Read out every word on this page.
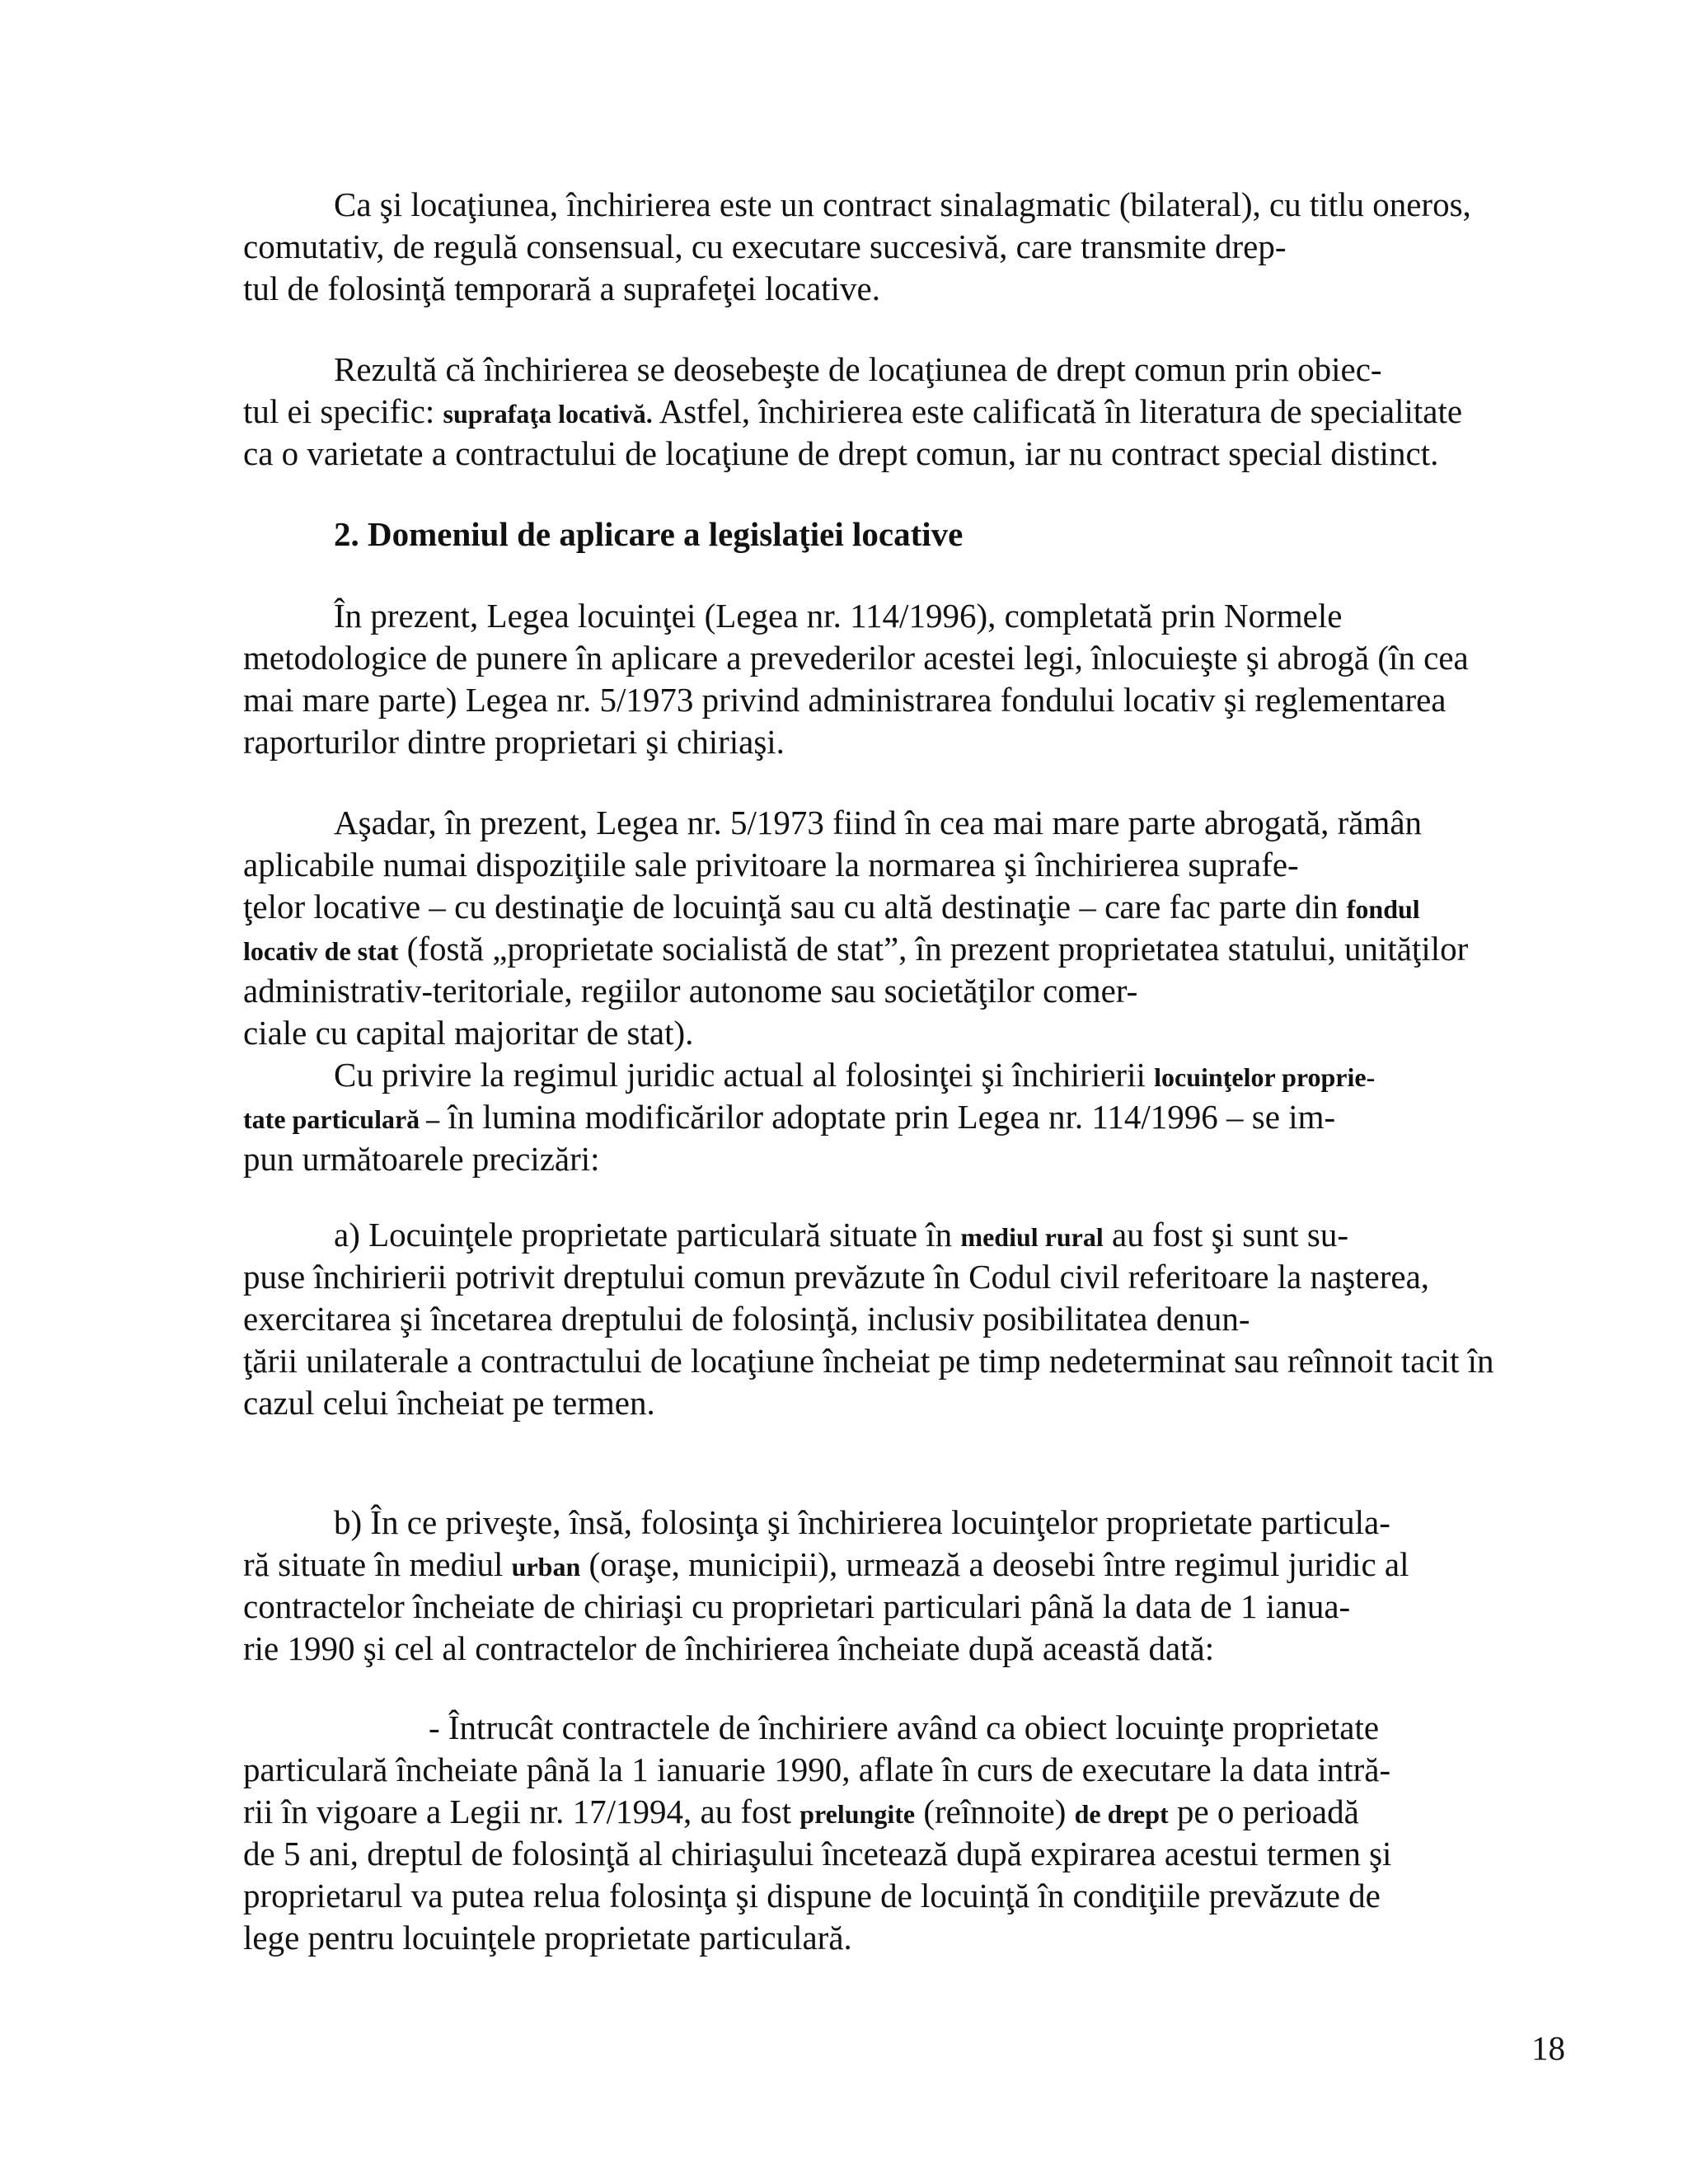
Ca şi locaţiunea, închirierea este un contract sinalagmatic (bilateral), cu titlu oneros,
comutativ, de regulă consensual, cu executare succesivă, care transmite drep-
tul de folosinţă temporară a suprafeţei locative.
Rezultă că închirierea se deosebeşte de locaţiunea de drept comun prin obiec-
tul ei specific: suprafaţa locativă. Astfel, închirierea este calificată în literatura de specialitate
ca o varietate a contractului de locaţiune de drept comun, iar nu contract special distinct.
2. Domeniul de aplicare a legislaţiei locative
În prezent, Legea locuinţei (Legea nr. 114/1996), completată prin Normele
metodologice de punere în aplicare a prevederilor acestei legi, înlocuieşte şi abrogă (în cea
mai mare parte) Legea nr. 5/1973 privind administrarea fondului locativ şi reglementarea
raporturilor dintre proprietari şi chiriaşi.
Aşadar, în prezent, Legea nr. 5/1973 fiind în cea mai mare parte abrogată, rămân
aplicabile numai dispoziţiile sale privitoare la normarea şi închirierea suprafe-
ţelor locative – cu destinaţie de locuinţă sau cu altă destinaţie – care fac parte din fondul
locativ de stat (fostă „proprietate socialistă de stat”, în prezent proprietatea statului, unităţilor
administrativ-teritoriale, regiilor autonome sau societăţilor comer-
ciale cu capital majoritar de stat).
Cu privire la regimul juridic actual al folosinţei şi închirierii locuinţelor proprie-
tate particulară – în lumina modificărilor adoptate prin Legea nr. 114/1996 – se im-
pun următoarele precizări:
a) Locuinţele proprietate particulară situate în mediul rural au fost şi sunt su-
puse închirierii potrivit dreptului comun prevăzute în Codul civil referitoare la naşterea,
exercitarea şi încetarea dreptului de folosinţă, inclusiv posibilitatea denun-
ţării unilaterale a contractului de locaţiune încheiat pe timp nedeterminat sau reînnoit tacit în
cazul celui încheiat pe termen.
b) În ce priveşte, însă, folosinţa şi închirierea locuinţelor proprietate particula-
ră situate în mediul urban (oraşe, municipii), urmează a deosebi între regimul juridic al
contractelor încheiate de chiriaşi cu proprietari particulari până la data de 1 ianua-
rie 1990 şi cel al contractelor de închirierea încheiate după această dată:
- Întrucât contractele de închiriere având ca obiect locuinţe proprietate
particulară încheiate până la 1 ianuarie 1990, aflate în curs de executare la data intră-
rii în vigoare a Legii nr. 17/1994, au fost prelungite (reînnoite) de drept pe o perioadă
de 5 ani, dreptul de folosinţă al chiriaşului încetează după expirarea acestui termen şi
proprietarul va putea relua folosinţa şi dispune de locuinţă în condiţiile prevăzute de
lege pentru locuinţele proprietate particulară.
18
